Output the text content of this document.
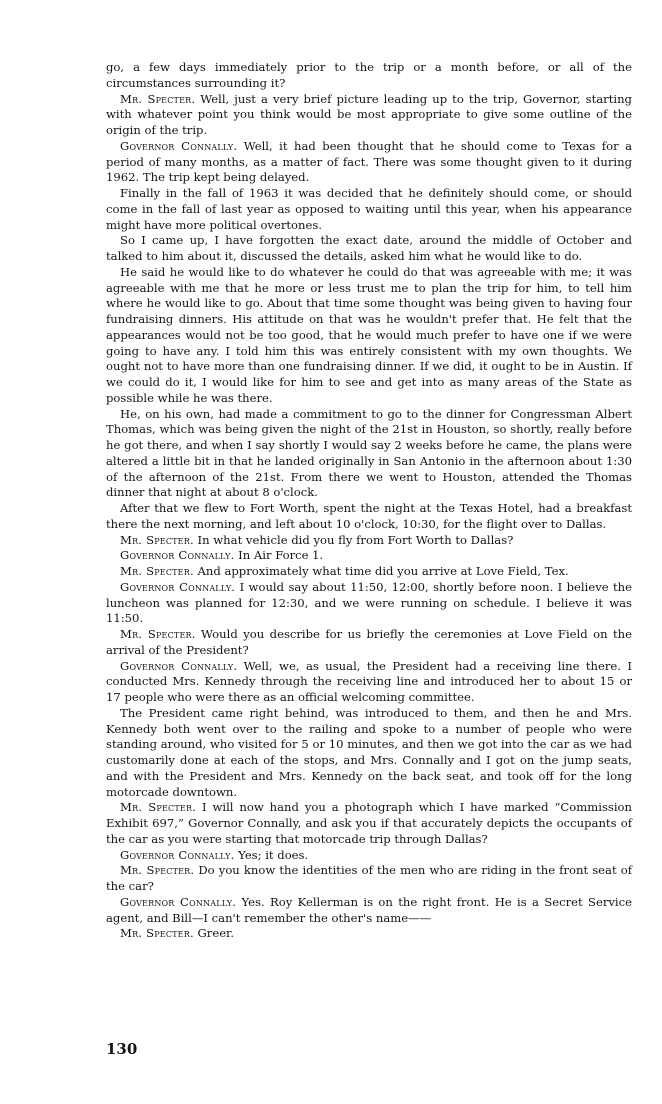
go, a few days immediately prior to the trip or a month before, or all of the circumstances surrounding it?

Mr. Specter. Well, just a very brief picture leading up to the trip, Governor, starting with whatever point you think would be most appropriate to give some outline of the origin of the trip.

Governor Connally. Well, it had been thought that he should come to Texas for a period of many months, as a matter of fact. There was some thought given to it during 1962. The trip kept being delayed.

Finally in the fall of 1963 it was decided that he definitely should come, or should come in the fall of last year as opposed to waiting until this year, when his appearance might have more political overtones.

So I came up, I have forgotten the exact date, around the middle of October and talked to him about it, discussed the details, asked him what he would like to do.

He said he would like to do whatever he could do that was agreeable with me; it was agreeable with me that he more or less trust me to plan the trip for him, to tell him where he would like to go. About that time some thought was being given to having four fundraising dinners. His attitude on that was he wouldn't prefer that. He felt that the appearances would not be too good, that he would much prefer to have one if we were going to have any. I told him this was entirely consistent with my own thoughts. We ought not to have more than one fundraising dinner. If we did, it ought to be in Austin. If we could do it, I would like for him to see and get into as many areas of the State as possible while he was there.

He, on his own, had made a commitment to go to the dinner for Congressman Albert Thomas, which was being given the night of the 21st in Houston, so shortly, really before he got there, and when I say shortly I would say 2 weeks before he came, the plans were altered a little bit in that he landed originally in San Antonio in the afternoon about 1:30 of the afternoon of the 21st. From there we went to Houston, attended the Thomas dinner that night at about 8 o'clock.

After that we flew to Fort Worth, spent the night at the Texas Hotel, had a breakfast there the next morning, and left about 10 o'clock, 10:30, for the flight over to Dallas.

Mr. Specter. In what vehicle did you fly from Fort Worth to Dallas?

Governor Connally. In Air Force 1.

Mr. Specter. And approximately what time did you arrive at Love Field, Tex.

Governor Connally. I would say about 11:50, 12:00, shortly before noon. I believe the luncheon was planned for 12:30, and we were running on schedule. I believe it was 11:50.

Mr. Specter. Would you describe for us briefly the ceremonies at Love Field on the arrival of the President?

Governor Connally. Well, we, as usual, the President had a receiving line there. I conducted Mrs. Kennedy through the receiving line and introduced her to about 15 or 17 people who were there as an official welcoming committee.

The President came right behind, was introduced to them, and then he and Mrs. Kennedy both went over to the railing and spoke to a number of people who were standing around, who visited for 5 or 10 minutes, and then we got into the car as we had customarily done at each of the stops, and Mrs. Connally and I got on the jump seats, and with the President and Mrs. Kennedy on the back seat, and took off for the long motorcade downtown.

Mr. Specter. I will now hand you a photograph which I have marked “Commission Exhibit 697,” Governor Connally, and ask you if that accurately depicts the occupants of the car as you were starting that motorcade trip through Dallas?

Governor Connally. Yes; it does.

Mr. Specter. Do you know the identities of the men who are riding in the front seat of the car?

Governor Connally. Yes. Roy Kellerman is on the right front. He is a Secret Service agent, and Bill—I can't remember the other's name——

Mr. Specter. Greer.

130
